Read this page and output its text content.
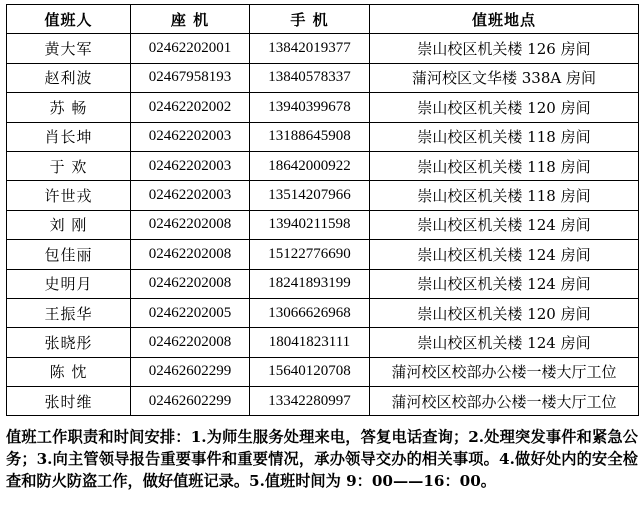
值班人	座 机	手 机	值班地点
黄大军	02462202001	13842019377	崇山校区机关楼 126 房间
赵利波	02467958193	13840578337	蒲河校区文华楼 338A 房间
苏 畅	02462202002	13940399678	崇山校区机关楼 120 房间
肖长坤	02462202003	13188645908	崇山校区机关楼 118 房间
于 欢	02462202003	18642000922	崇山校区机关楼 118 房间
许世戎	02462202003	13514207966	崇山校区机关楼 118 房间
刘 刚	02462202008	13940211598	崇山校区机关楼 124 房间
包佳丽	02462202008	15122776690	崇山校区机关楼 124 房间
史明月	02462202008	18241893199	崇山校区机关楼 124 房间
王振华	02462202005	13066626968	崇山校区机关楼 120 房间
张晓彤	02462202008	18041823111	崇山校区机关楼 124 房间
陈 忱	02462602299	15640120708	蒲河校区校部办公楼一楼大厅工位
张时维	02462602299	13342280997	蒲河校区校部办公楼一楼大厅工位

值班工作职责和时间安排：1.为师生服务处理来电，答复电话查询；2.处理突发事件和紧急公务；3.向主管领导报告重要事件和重要情况，承办领导交办的相关事项。4.做好处内的安全检查和防火防盗工作，做好值班记录。5.值班时间为 9：00——16：00。
